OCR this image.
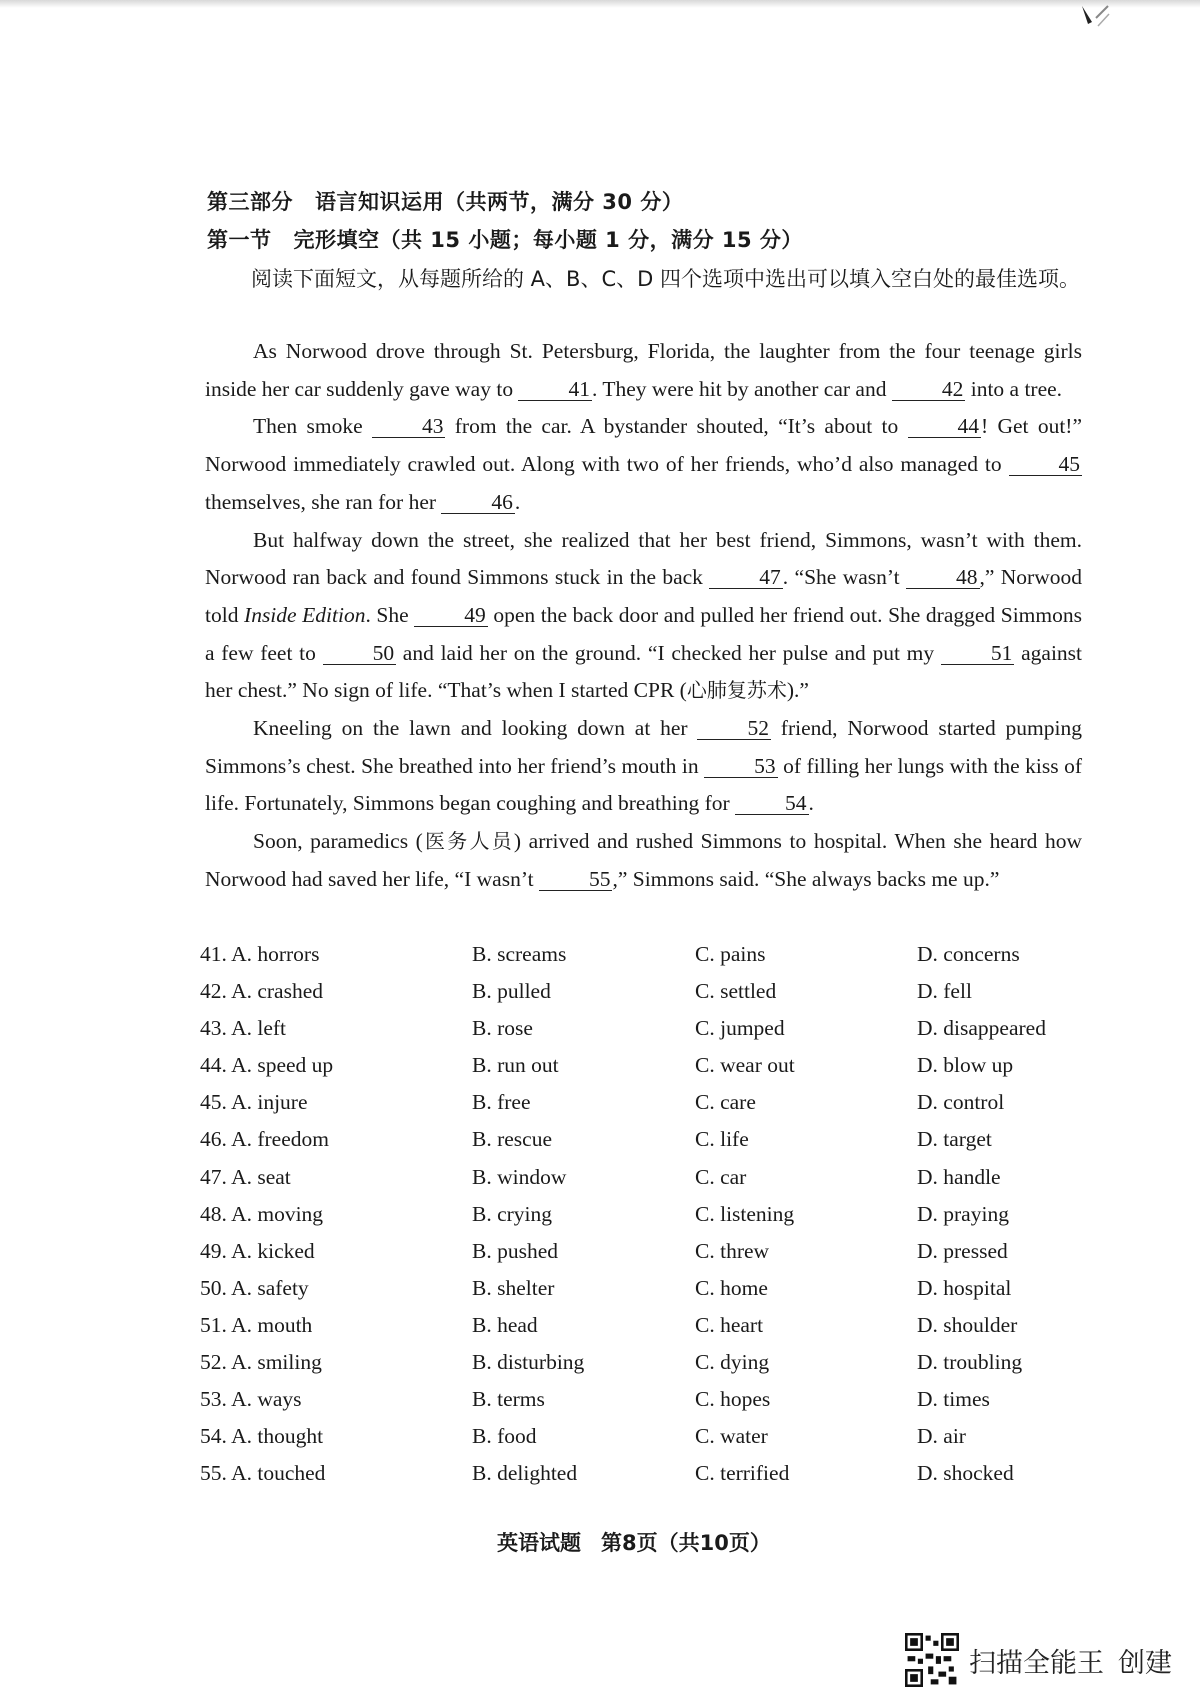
第三部分 语言知识运用（共两节，满分 30 分）
第一节 完形填空（共 15 小题；每小题 1 分，满分 15 分）
阅读下面短文，从每题所给的 A、B、C、D 四个选项中选出可以填入空白处的最佳选项。

As Norwood drove through St. Petersburg, Florida, the laughter from the four teenage girls inside her car suddenly gave way to 41. They were hit by another car and 42 into a tree.

Then smoke 43 from the car. A bystander shouted, “It’s about to 44! Get out!” Norwood immediately crawled out. Along with two of her friends, who’d also managed to 45 themselves, she ran for her 46.

But halfway down the street, she realized that her best friend, Simmons, wasn’t with them. Norwood ran back and found Simmons stuck in the back 47. “She wasn’t 48,” Norwood told Inside Edition. She 49 open the back door and pulled her friend out. She dragged Simmons a few feet to 50 and laid her on the ground. “I checked her pulse and put my 51 against her chest.” No sign of life. “That’s when I started CPR (心肺复苏术).”

Kneeling on the lawn and looking down at her 52 friend, Norwood started pumping Simmons’s chest. She breathed into her friend’s mouth in 53 of filling her lungs with the kiss of life. Fortunately, Simmons began coughing and breathing for 54.

Soon, paramedics (医务人员) arrived and rushed Simmons to hospital. When she heard how Norwood had saved her life, “I wasn’t 55,” Simmons said. “She always backs me up.”

41. A. horrors	B. screams	C. pains	D. concerns
42. A. crashed	B. pulled	C. settled	D. fell
43. A. left	B. rose	C. jumped	D. disappeared
44. A. speed up	B. run out	C. wear out	D. blow up
45. A. injure	B. free	C. care	D. control
46. A. freedom	B. rescue	C. life	D. target
47. A. seat	B. window	C. car	D. handle
48. A. moving	B. crying	C. listening	D. praying
49. A. kicked	B. pushed	C. threw	D. pressed
50. A. safety	B. shelter	C. home	D. hospital
51. A. mouth	B. head	C. heart	D. shoulder
52. A. smiling	B. disturbing	C. dying	D. troubling
53. A. ways	B. terms	C. hopes	D. times
54. A. thought	B. food	C. water	D. air
55. A. touched	B. delighted	C. terrified	D. shocked
英语试题 第8页（共10页）
扫描全能王 创建
